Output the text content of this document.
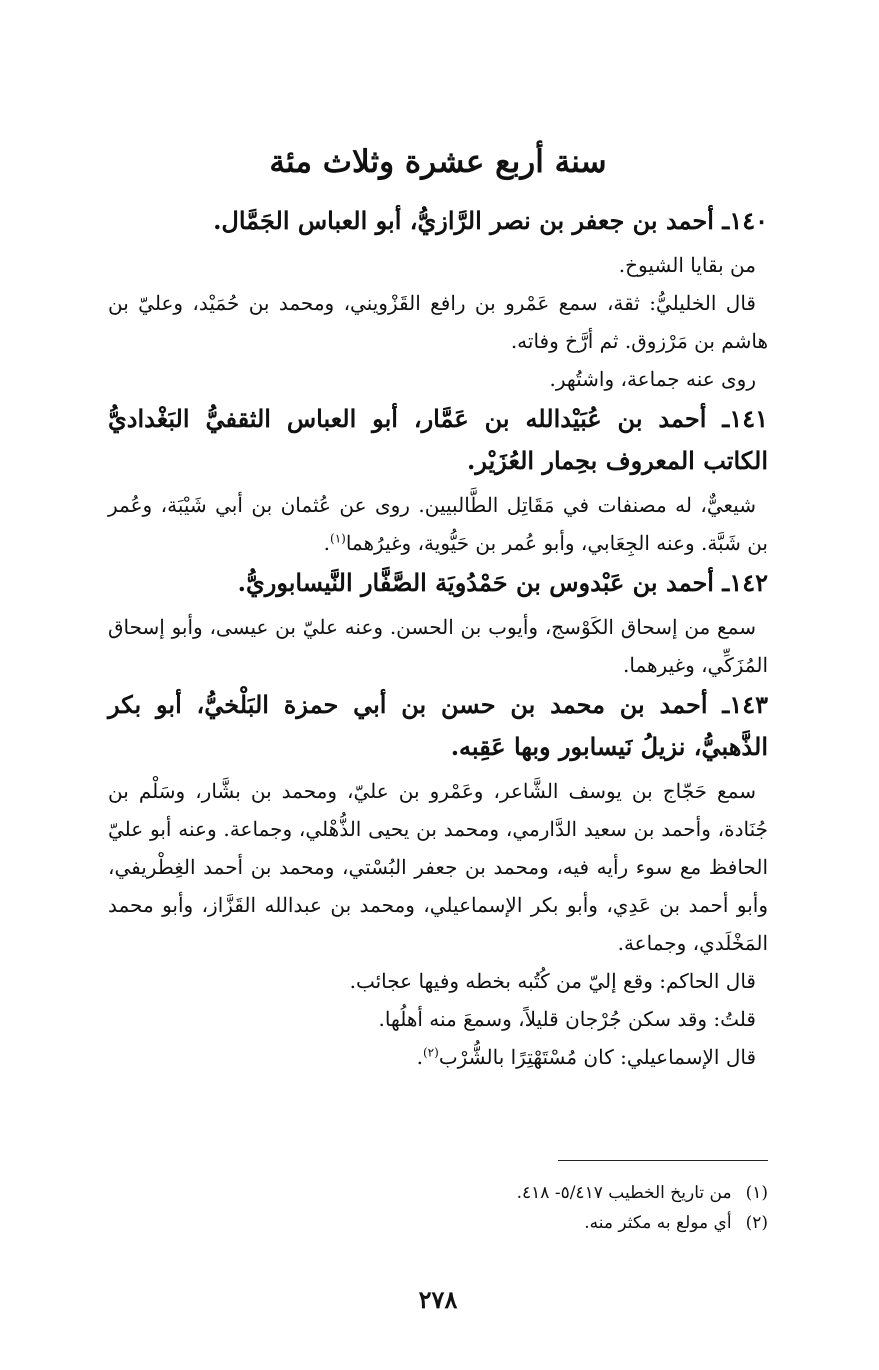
سنة أربع عشرة وثلاث مئة

١٤٠ـ أحمد بن جعفر بن نصر الرَّازيُّ، أبو العباس الجَمَّال.

من بقايا الشيوخ.

قال الخليليُّ: ثقة، سمع عَمْرو بن رافع القَزْويني، ومحمد بن حُمَيْد، وعليّ بن هاشم بن مَرْزوق. ثم أرَّخ وفاته.

روى عنه جماعة، واشتُهر.

١٤١ـ أحمد بن عُبَيْدالله بن عَمَّار، أبو العباس الثقفيُّ البَغْداديُّ الكاتب المعروف بحِمار العُزَيْر.

شيعيٌّ، له مصنفات في مَقَاتِل الطَّالبيين. روى عن عُثمان بن أبي شَيْبَة، وعُمر بن شَبَّة. وعنه الجِعَابي، وأبو عُمر بن حَيُّوية، وغيرُهما$^{(١)}$.

١٤٢ـ أحمد بن عَبْدوس بن حَمْدُويَة الصَّفَّار النَّيسابوريُّ.

سمع من إسحاق الكَوْسج، وأيوب بن الحسن. وعنه عليّ بن عيسى، وأبو إسحاق المُزَكِّي، وغيرهما.

١٤٣ـ أحمد بن محمد بن حسن بن أبي حمزة البَلْخيُّ، أبو بكر الذَّهبيُّ، نزيلُ نَيسابور وبها عَقِبه.

سمع حَجّاج بن يوسف الشَّاعر، وعَمْرو بن عليّ، ومحمد بن بشَّار، وسَلْم بن جُنَادة، وأحمد بن سعيد الدَّارمي، ومحمد بن يحيى الذُّهْلي، وجماعة. وعنه أبو عليّ الحافظ مع سوء رأيه فيه، ومحمد بن جعفر البُسْتي، ومحمد بن أحمد الغِطْريفي، وأبو أحمد بن عَدِي، وأبو بكر الإسماعيلي، ومحمد بن عبدالله القَزَّاز، وأبو محمد المَخْلَدي، وجماعة.

قال الحاكم: وقع إليّ من كُتُبه بخطه وفيها عجائب.

قلتُ: وقد سكن جُرْجان قليلاً، وسمعَ منه أهلُها.

قال الإسماعيلي: كان مُسْتَهْتِرًا بالشُّرْب$^{(٢)}$.

(١)
من تاريخ الخطيب ٥/٤١٧- ٤١٨.
(٢)
أي مولع به مكثر منه.
٢٧٨
